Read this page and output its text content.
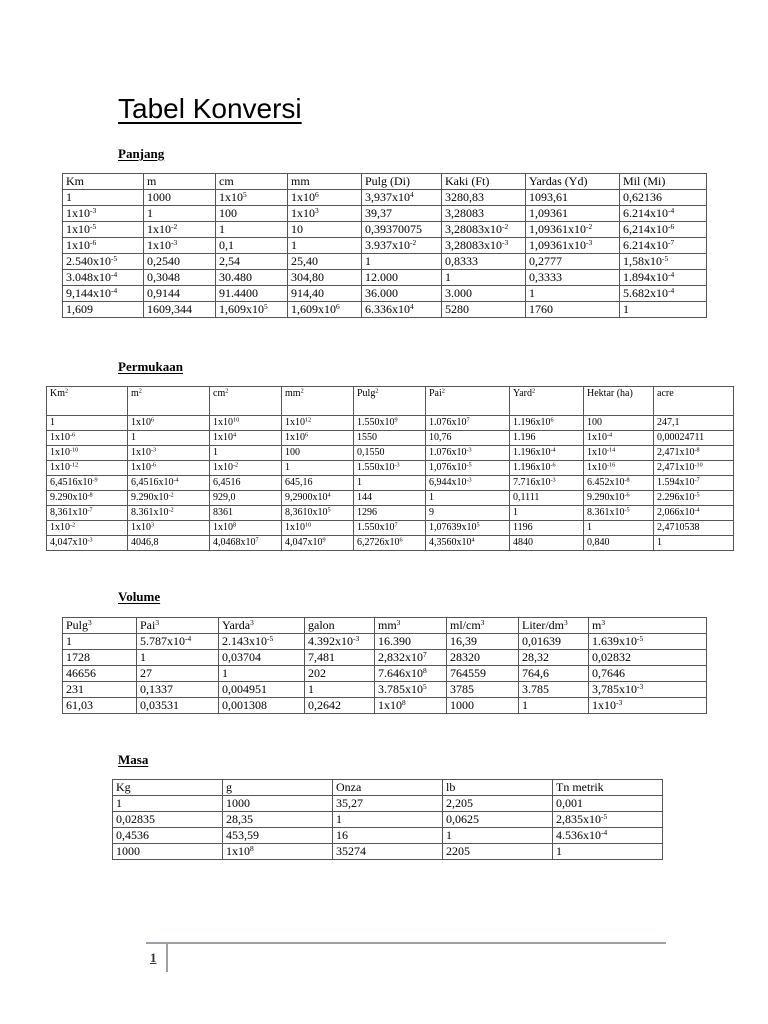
Tabel Konversi
Panjang
Km	m	cm	mm	Pulg (Di)	Kaki (Ft)	Yardas (Yd)	Mil (Mi)
1	1000	$1x10^5$	$1x10^6$	$3,937x10^4$	3280,83	1093,61	0,62136
$1x10^{-3}$	1	100	$1x10^3$	39,37	3,28083	1,09361	$6.214x10^{-4}$
$1x10^{-5}$	$1x10^{-2}$	1	10	0,39370075	$3,28083x10^{-2}$	$1,09361x10^{-2}$	$6,214x10^{-6}$
$1x10^{-6}$	$1x10^{-3}$	0,1	1	$3.937x10^{-2}$	$3,28083x10^{-3}$	$1,09361x10^{-3}$	$6.214x10^{-7}$
$2.540x10^{-5}$	0,2540	2,54	25,40	1	0,8333	0,2777	$1,58x10^{-5}$
$3.048x10^{-4}$	0,3048	30.480	304,80	12.000	1	0,3333	$1.894x10^{-4}$
$9,144x10^{-4}$	0,9144	91.4400	914,40	36.000	3.000	1	$5.682x10^{-4}$
1,609	1609,344	$1,609x10^5$	$1,609x10^6$	$6.336x10^4$	5280	1760	1
Permukaan
Km$^2$	$m^2$	$cm^2$	$mm^2$	Pulg$^2$	Pai$^2$	Yard$^2$	Hektar (ha)	acre
1	$1x10^6$	$1x10^{10}$	$1x10^{12}$	$1.550x10^9$	$1.076x10^7$	$1.196x10^6$	100	247,1
$1x10^{-6}$	1	$1x10^4$	$1x10^6$	1550	10,76	1.196	$1x10^{-4}$	0,00024711
$1x10^{-10}$	$1x10^{-3}$	1	100	0,1550	$1.076x10^{-3}$	$1.196x10^{-4}$	$1x10^{-14}$	$2,471x10^{-8}$
$1x10^{-12}$	$1x10^{-6}$	$1x10^{-2}$	1	$1.550x10^{-3}$	$1,076x10^{-5}$	$1.196x10^{-6}$	$1x10^{-16}$	$2,471x10^{-10}$
$6,4516x10^{-9}$	$6,4516x10^{-4}$	6,4516	645,16	1	$6,944x10^{-3}$	$7.716x10^{-3}$	$6.452x10^{-8}$	$1.594x10^{-7}$
$9.290x10^{-8}$	$9.290x10^{-2}$	929,0	$9,2900x10^4$	144	1	0,1111	$9.290x10^{-6}$	$2.296x10^{-5}$
$8,361x10^{-7}$	$8.361x10^{-2}$	8361	$8,3610x10^5$	1296	9	1	$8.361x10^{-5}$	$2,066x10^{-4}$
$1x10^{-2}$	$1x10^3$	$1x10^8$	$1x10^{10}$	$1.550x10^7$	$1,07639x10^5$	1196	1	2,4710538
$4,047x10^{-3}$	4046,8	$4,0468x10^7$	$4,047x10^9$	$6,2726x10^6$	$4,3560x10^4$	4840	0,840	1
Volume
Pulg$^3$	Pai$^3$	Yarda$^3$	galon	$mm^3$	$ml/cm^3$	Liter/$dm^3$	$m^3$
1	$5.787x10^{-4}$	$2.143x10^{-5}$	$4.392x10^{-3}$	16.390	16,39	0,01639	$1.639x10^{-5}$
1728	1	0,03704	7,481	$2,832x10^7$	28320	28,32	0,02832
46656	27	1	202	$7.646x10^8$	764559	764,6	0,7646
231	0,1337	0,004951	1	$3.785x10^5$	3785	3.785	$3,785x10^{-3}$
61,03	0,03531	0,001308	0,2642	$1x10^8$	1000	1	$1x10^{-3}$
Masa
Kg	g	Onza	lb	Tn metrik
1	1000	35,27	2,205	0,001
0,02835	28,35	1	0,0625	$2,835x10^{-5}$
0,4536	453,59	16	1	$4.536x10^{-4}$
1000	$1x10^8$	35274	2205	1
1
